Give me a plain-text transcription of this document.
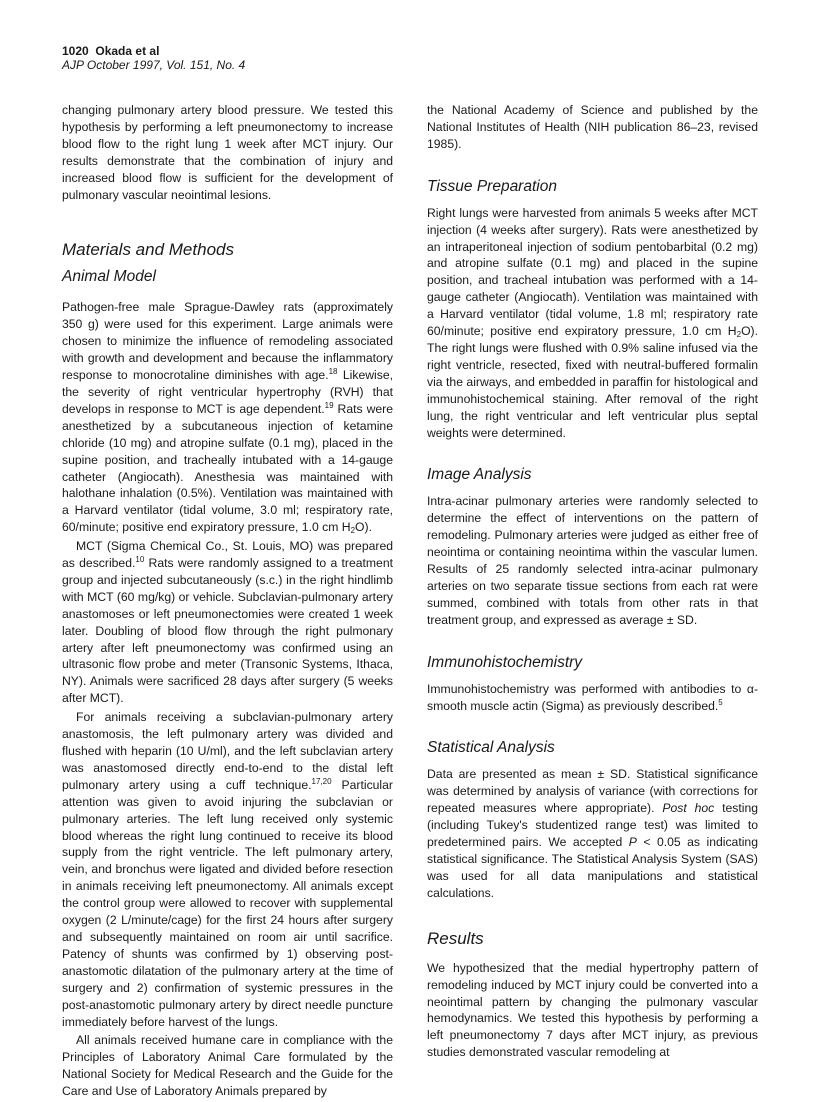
1020 Okada et al
AJP October 1997, Vol. 151, No. 4

changing pulmonary artery blood pressure. We tested this hypothesis by performing a left pneumonectomy to increase blood flow to the right lung 1 week after MCT injury. Our results demonstrate that the combination of injury and increased blood flow is sufficient for the development of pulmonary vascular neointimal lesions.

Materials and Methods
Animal Model

Pathogen-free male Sprague-Dawley rats (approximately 350 g) were used for this experiment. Large animals were chosen to minimize the influence of remodeling associated with growth and development and because the inflammatory response to monocrotaline diminishes with age.$^{18}$ Likewise, the severity of right ventricular hypertrophy (RVH) that develops in response to MCT is age dependent.$^{19}$ Rats were anesthetized by a subcutaneous injection of ketamine chloride (10 mg) and atropine sulfate (0.1 mg), placed in the supine position, and tracheally intubated with a 14-gauge catheter (Angiocath). Anesthesia was maintained with halothane inhalation (0.5%). Ventilation was maintained with a Harvard ventilator (tidal volume, 3.0 ml; respiratory rate, 60/minute; positive end expiratory pressure, 1.0 cm $H_2O$).

MCT (Sigma Chemical Co., St. Louis, MO) was prepared as described.$^{10}$ Rats were randomly assigned to a treatment group and injected subcutaneously (s.c.) in the right hindlimb with MCT (60 mg/kg) or vehicle. Subclavian-pulmonary artery anastomoses or left pneumonectomies were created 1 week later. Doubling of blood flow through the right pulmonary artery after left pneumonectomy was confirmed using an ultrasonic flow probe and meter (Transonic Systems, Ithaca, NY). Animals were sacrificed 28 days after surgery (5 weeks after MCT).

For animals receiving a subclavian-pulmonary artery anastomosis, the left pulmonary artery was divided and flushed with heparin (10 U/ml), and the left subclavian artery was anastomosed directly end-to-end to the distal left pulmonary artery using a cuff technique.$^{17,20}$ Particular attention was given to avoid injuring the subclavian or pulmonary arteries. The left lung received only systemic blood whereas the right lung continued to receive its blood supply from the right ventricle. The left pulmonary artery, vein, and bronchus were ligated and divided before resection in animals receiving left pneumonectomy. All animals except the control group were allowed to recover with supplemental oxygen (2 L/minute/cage) for the first 24 hours after surgery and subsequently maintained on room air until sacrifice. Patency of shunts was confirmed by 1) observing post-anastomotic dilatation of the pulmonary artery at the time of surgery and 2) confirmation of systemic pressures in the post-anastomotic pulmonary artery by direct needle puncture immediately before harvest of the lungs.

All animals received humane care in compliance with the Principles of Laboratory Animal Care formulated by the National Society for Medical Research and the Guide for the Care and Use of Laboratory Animals prepared by

the National Academy of Science and published by the National Institutes of Health (NIH publication 86–23, revised 1985).

Tissue Preparation

Right lungs were harvested from animals 5 weeks after MCT injection (4 weeks after surgery). Rats were anesthetized by an intraperitoneal injection of sodium pentobarbital (0.2 mg) and atropine sulfate (0.1 mg) and placed in the supine position, and tracheal intubation was performed with a 14-gauge catheter (Angiocath). Ventilation was maintained with a Harvard ventilator (tidal volume, 1.8 ml; respiratory rate 60/minute; positive end expiratory pressure, 1.0 cm $H_2O$). The right lungs were flushed with 0.9% saline infused via the right ventricle, resected, fixed with neutral-buffered formalin via the airways, and embedded in paraffin for histological and immunohistochemical staining. After removal of the right lung, the right ventricular and left ventricular plus septal weights were determined.

Image Analysis

Intra-acinar pulmonary arteries were randomly selected to determine the effect of interventions on the pattern of remodeling. Pulmonary arteries were judged as either free of neointima or containing neointima within the vascular lumen. Results of 25 randomly selected intra-acinar pulmonary arteries on two separate tissue sections from each rat were summed, combined with totals from other rats in that treatment group, and expressed as average ± SD.

Immunohistochemistry

Immunohistochemistry was performed with antibodies to α-smooth muscle actin (Sigma) as previously described.$^5$

Statistical Analysis

Data are presented as mean ± SD. Statistical significance was determined by analysis of variance (with corrections for repeated measures where appropriate). Post hoc testing (including Tukey's studentized range test) was limited to predetermined pairs. We accepted P < 0.05 as indicating statistical significance. The Statistical Analysis System (SAS) was used for all data manipulations and statistical calculations.

Results

We hypothesized that the medial hypertrophy pattern of remodeling induced by MCT injury could be converted into a neointimal pattern by changing the pulmonary vascular hemodynamics. We tested this hypothesis by performing a left pneumonectomy 7 days after MCT injury, as previous studies demonstrated vascular remodeling at
